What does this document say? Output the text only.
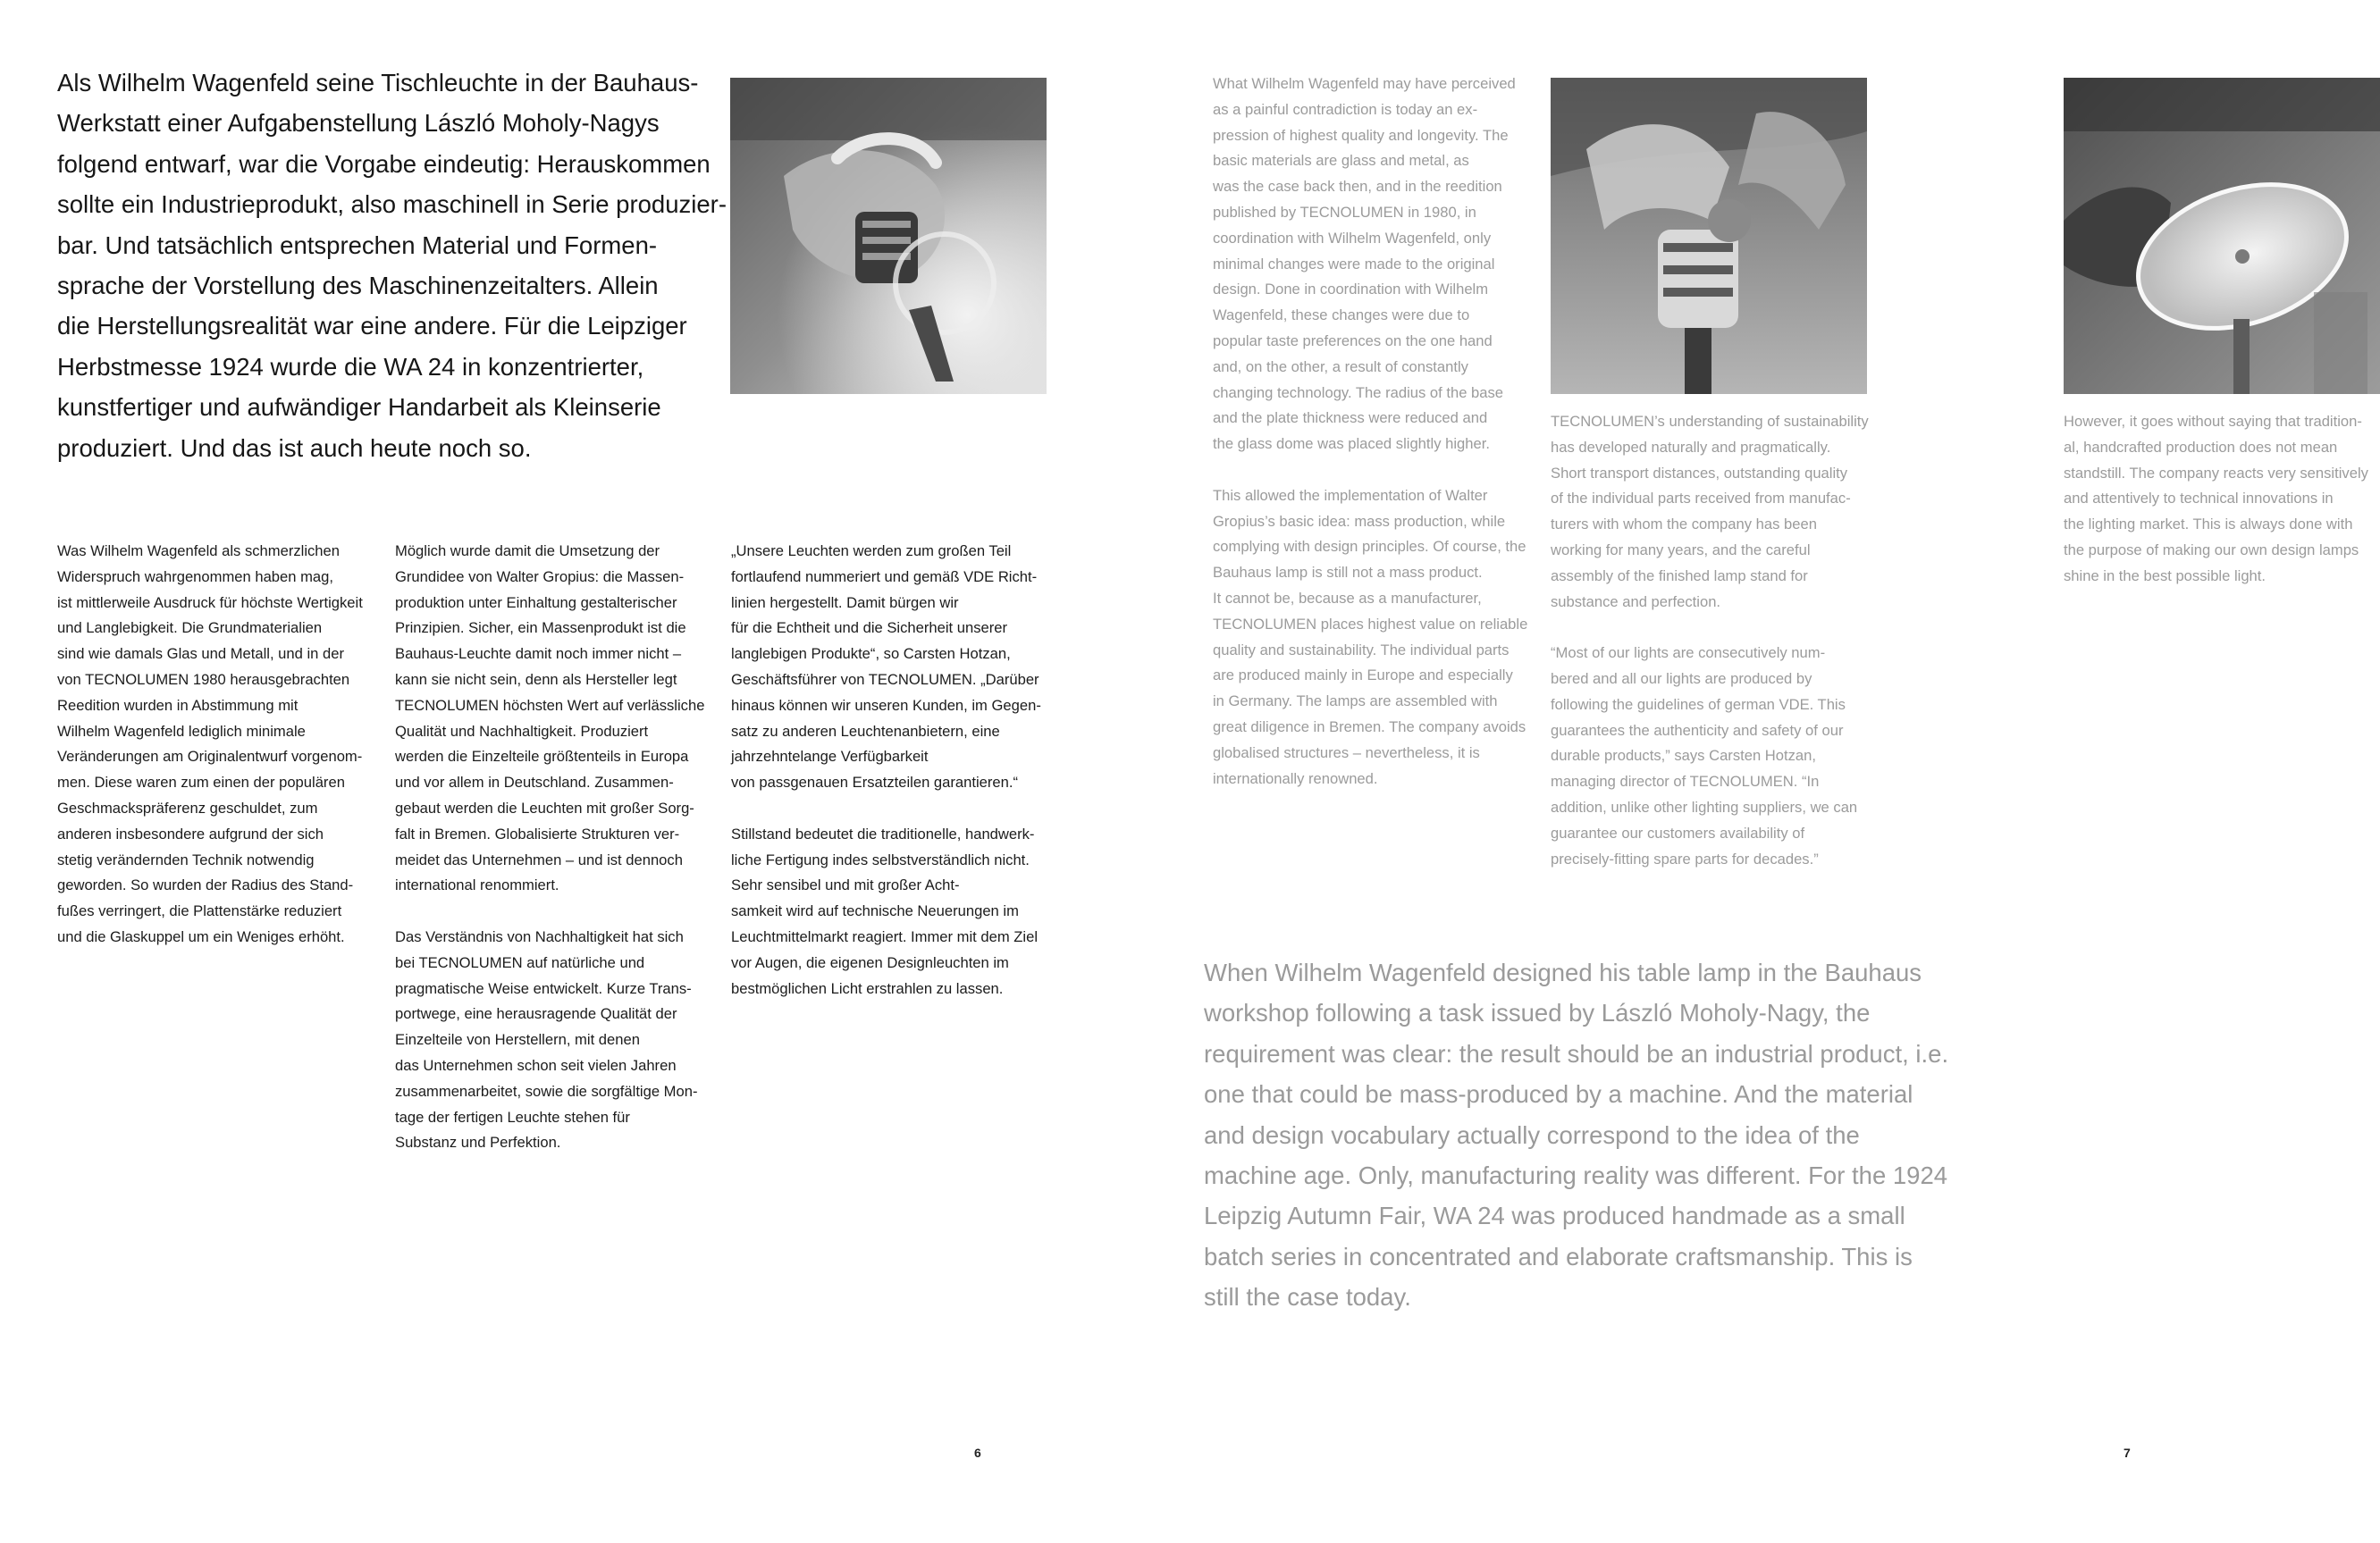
Als Wilhelm Wagenfeld seine Tischleuchte in der Bauhaus-
Werkstatt einer Aufgabenstellung László Moholy-Nagys
folgend entwarf, war die Vorgabe eindeutig: Herauskommen
sollte ein Industrieprodukt, also maschinell in Serie produzier-
bar. Und tatsächlich entsprechen Material und Formen-
sprache der Vorstellung des Maschinenzeitalters. Allein
die Herstellungsrealität war eine andere. Für die Leipziger
Herbstmesse 1924 wurde die WA 24 in konzentrierter,
kunstfertiger und aufwändiger Handarbeit als Kleinserie
produziert. Und das ist auch heute noch so.
Was Wilhelm Wagenfeld als schmerzlichen
Widerspruch wahrgenommen haben mag,
ist mittlerweile Ausdruck für höchste Wertigkeit
und Langlebigkeit. Die Grundmaterialien
sind wie damals Glas und Metall, und in der
von TECNOLUMEN 1980 herausgebrachten
Reedition wurden in Abstimmung mit
Wilhelm Wagenfeld lediglich minimale
Veränderungen am Originalentwurf vorgenom-
men. Diese waren zum einen der populären
Geschmackspräferenz geschuldet, zum
anderen insbesondere aufgrund der sich
stetig verändernden Technik notwendig
geworden. So wurden der Radius des Stand-
fußes verringert, die Plattenstärke reduziert
und die Glaskuppel um ein Weniges erhöht.
Möglich wurde damit die Umsetzung der
Grundidee von Walter Gropius: die Massen-
produktion unter Einhaltung gestalterischer
Prinzipien. Sicher, ein Massenprodukt ist die
Bauhaus-Leuchte damit noch immer nicht –
kann sie nicht sein, denn als Hersteller legt
TECNOLUMEN höchsten Wert auf verlässliche
Qualität und Nachhaltigkeit. Produziert
werden die Einzelteile größtenteils in Europa
und vor allem in Deutschland. Zusammen-
gebaut werden die Leuchten mit großer Sorg-
falt in Bremen. Globalisierte Strukturen ver-
meidet das Unternehmen – und ist dennoch
international renommiert.
Das Verständnis von Nachhaltigkeit hat sich
bei TECNOLUMEN auf natürliche und
pragmatische Weise entwickelt. Kurze Trans-
portwege, eine herausragende Qualität der
Einzelteile von Herstellern, mit denen
das Unternehmen schon seit vielen Jahren
zusammenarbeitet, sowie die sorgfältige Mon-
tage der fertigen Leuchte stehen für
Substanz und Perfektion.
„Unsere Leuchten werden zum großen Teil
fortlaufend nummeriert und gemäß VDE Richt-
linien hergestellt. Damit bürgen wir
für die Echtheit und die Sicherheit unserer
langlebigen Produkte“, so Carsten Hotzan,
Geschäftsführer von TECNOLUMEN. „Darüber
hinaus können wir unseren Kunden, im Gegen-
satz zu anderen Leuchtenanbietern, eine
jahrzehntelange Verfügbarkeit
von passgenauen Ersatzteilen garantieren.“
Stillstand bedeutet die traditionelle, handwerk-
liche Fertigung indes selbstverständlich nicht.
Sehr sensibel und mit großer Acht-
samkeit wird auf technische Neuerungen im
Leuchtmittelmarkt reagiert. Immer mit dem Ziel
vor Augen, die eigenen Designleuchten im
bestmöglichen Licht erstrahlen zu lassen.
6
What Wilhelm Wagenfeld may have perceived
as a painful contradiction is today an ex-
pression of highest quality and longevity. The
basic materials are glass and metal, as
was the case back then, and in the reedition
published by TECNOLUMEN in 1980, in
coordination with Wilhelm Wagenfeld, only
minimal changes were made to the original
design. Done in coordination with Wilhelm
Wagenfeld, these changes were due to
popular taste preferences on the one hand
and, on the other, a result of constantly
changing technology. The radius of the base
and the plate thickness were reduced and
the glass dome was placed slightly higher.
This allowed the implementation of Walter
Gropius’s basic idea: mass production, while
complying with design principles. Of course, the
Bauhaus lamp is still not a mass product.
It cannot be, because as a manufacturer,
TECNOLUMEN places highest value on reliable
quality and sustainability. The individual parts
are produced mainly in Europe and especially
in Germany. The lamps are assembled with
great diligence in Bremen. The company avoids
globalised structures – nevertheless, it is
internationally renowned.
TECNOLUMEN’s understanding of sustainability
has developed naturally and pragmatically.
Short transport distances, outstanding quality
of the individual parts received from manufac-
turers with whom the company has been
working for many years, and the careful
assembly of the finished lamp stand for
substance and perfection.
“Most of our lights are consecutively num-
bered and all our lights are produced by
following the guidelines of german VDE. This
guarantees the authenticity and safety of our
durable products,” says Carsten Hotzan,
managing director of TECNOLUMEN. “In
addition, unlike other lighting suppliers, we can
guarantee our customers availability of
precisely-fitting spare parts for decades.”
However, it goes without saying that tradition-
al, handcrafted production does not mean
standstill. The company reacts very sensitively
and attentively to technical innovations in
the lighting market. This is always done with
the purpose of making our own design lamps
shine in the best possible light.
When Wilhelm Wagenfeld designed his table lamp in the Bauhaus
workshop following a task issued by László Moholy-Nagy, the
requirement was clear: the result should be an industrial product, i.e.
one that could be mass-produced by a machine. And the material
and design vocabulary actually correspond to the idea of the
machine age. Only, manufacturing reality was different. For the 1924
Leipzig Autumn Fair, WA 24 was produced handmade as a small
batch series in concentrated and elaborate craftsmanship. This is
still the case today.
7
